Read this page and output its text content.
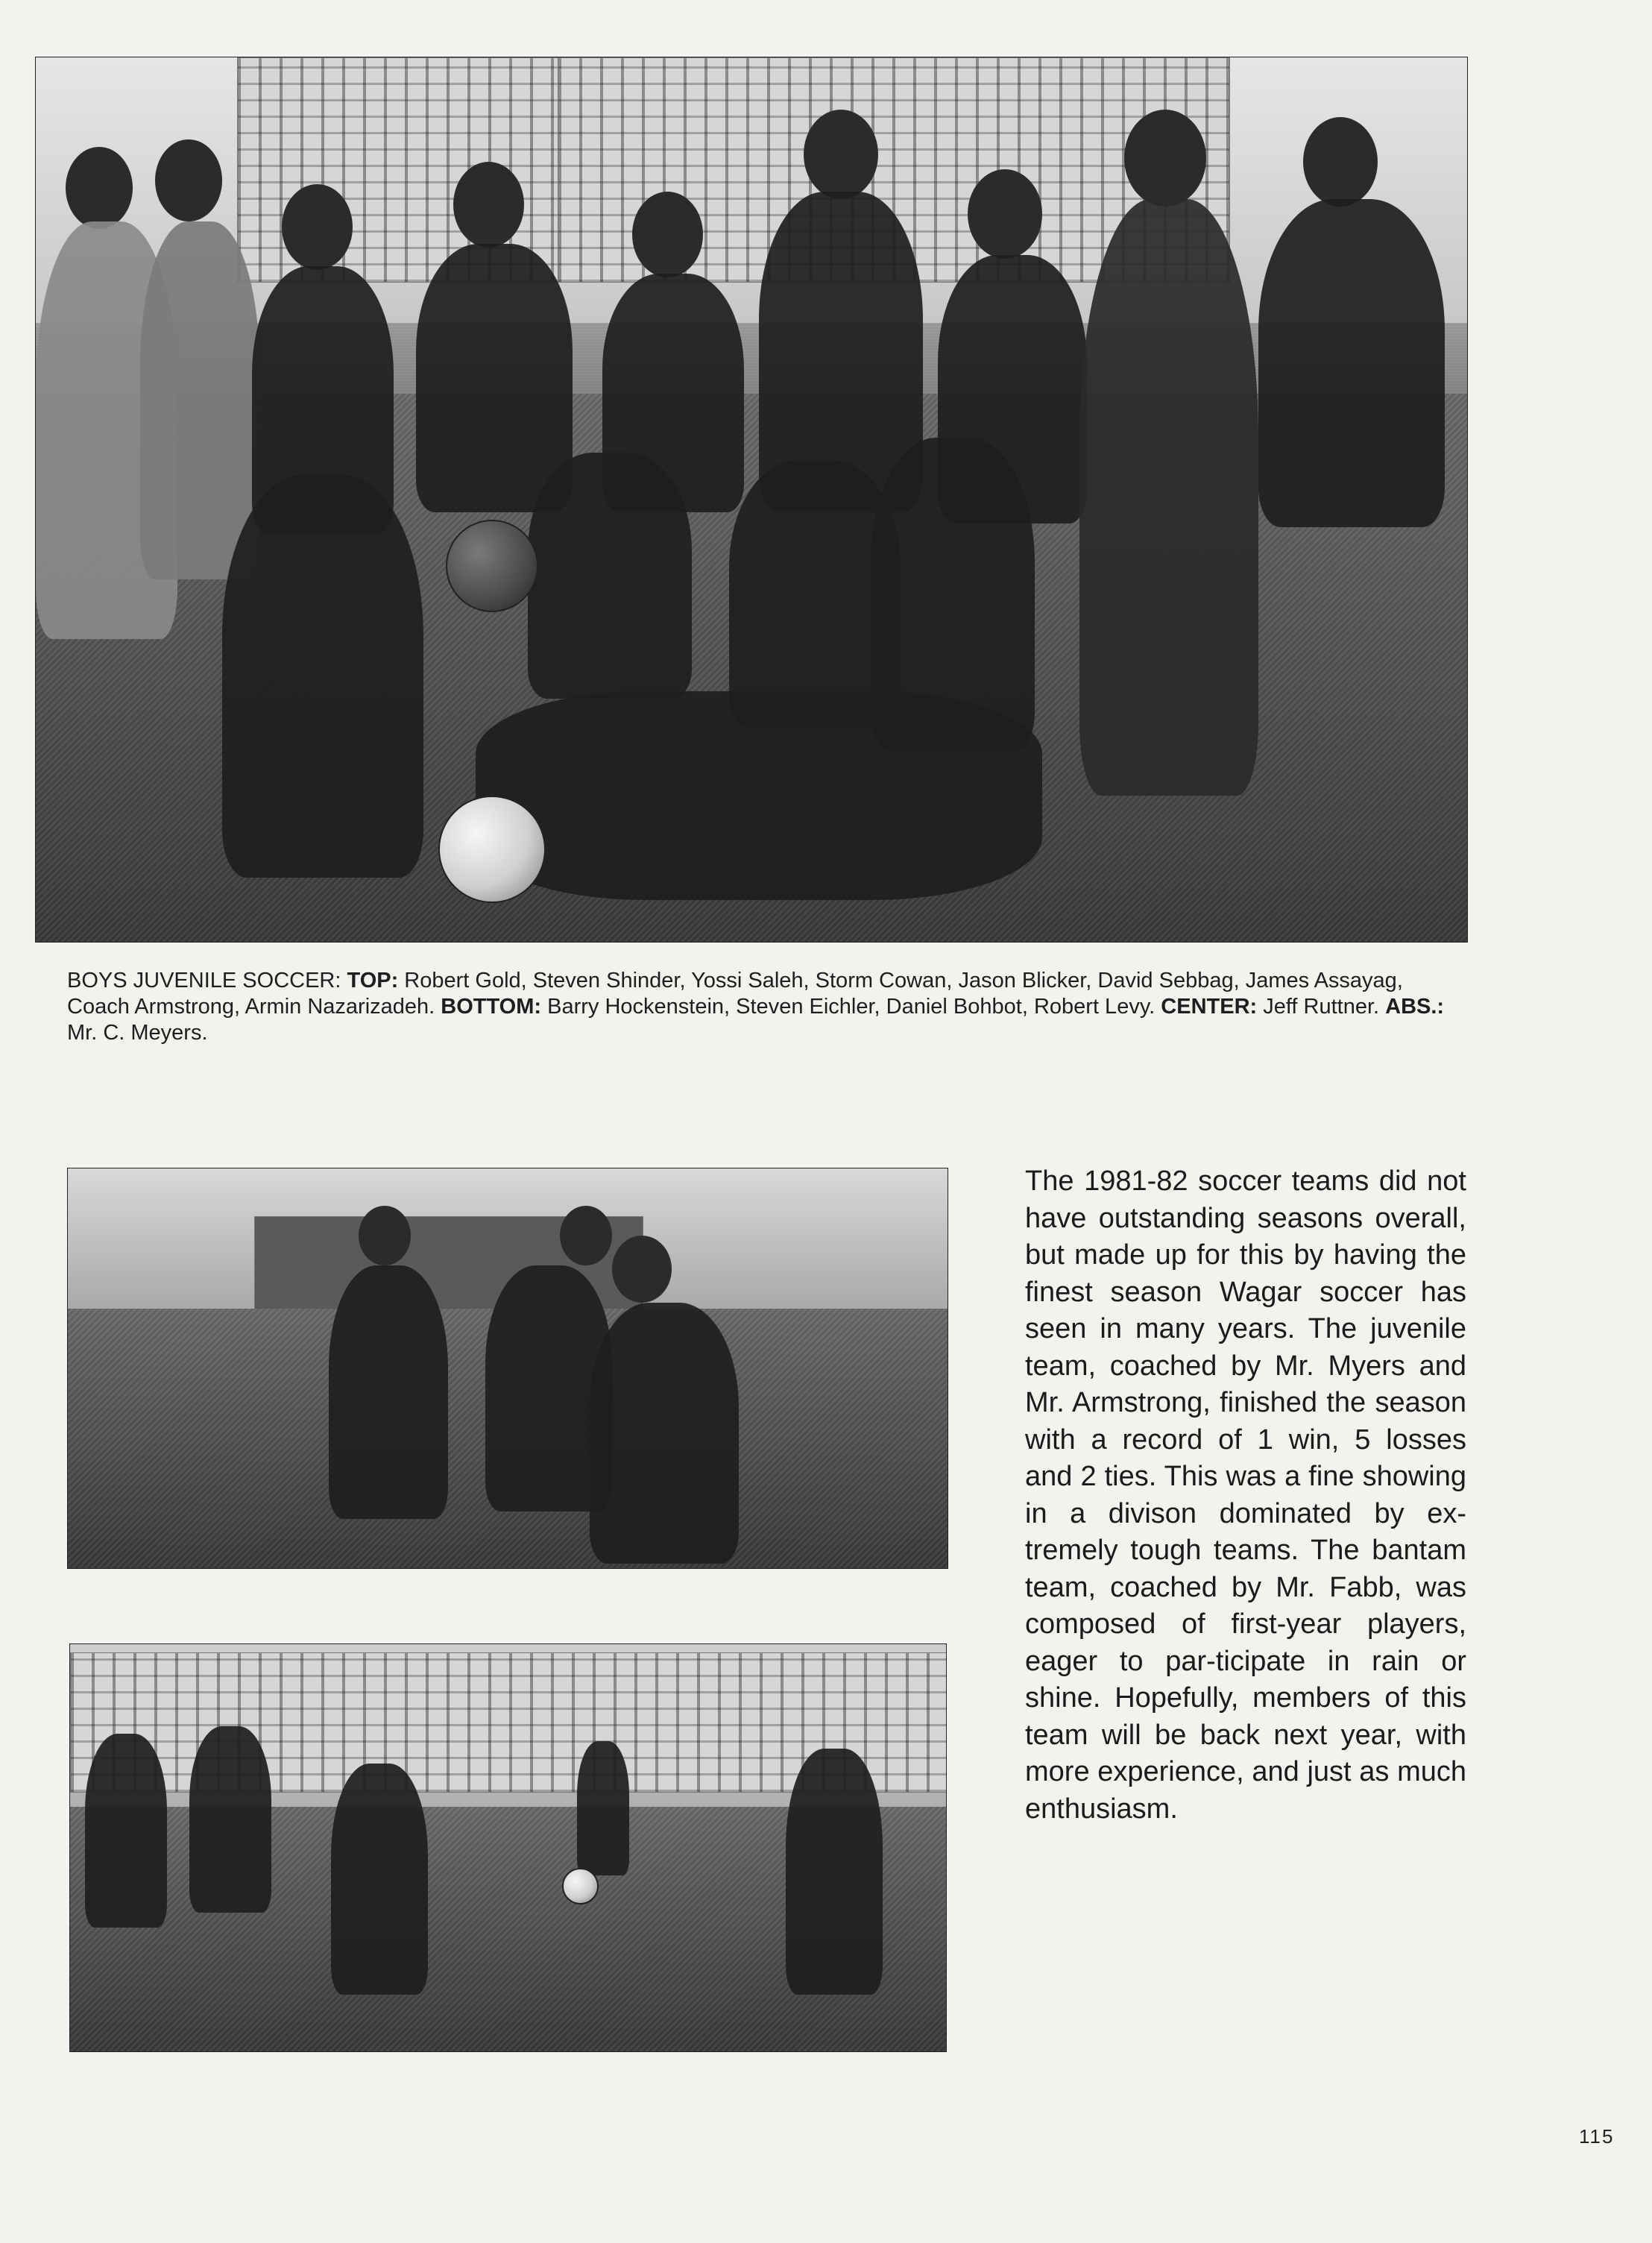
BOYS JUVENILE SOCCER: TOP: Robert Gold, Steven Shinder, Yossi Saleh, Storm Cowan, Jason Blicker, David Sebbag, James Assayag, Coach Armstrong, Armin Nazarizadeh. BOTTOM: Barry Hockenstein, Steven Eichler, Daniel Bohbot, Robert Levy. CENTER: Jeff Ruttner. ABS.: Mr. C. Meyers.
The 1981-82 soccer teams did not have outstanding seasons overall, but made up for this by having the finest season Wagar soccer has seen in many years. The juvenile team, coached by Mr. Myers and Mr. Armstrong, finished the season with a record of 1 win, 5 losses and 2 ties. This was a fine showing in a divison dominated by ex-tremely tough teams. The bantam team, coached by Mr. Fabb, was composed of first-year players, eager to par-ticipate in rain or shine. Hopefully, members of this team will be back next year, with more experience, and just as much enthusiasm.
115
